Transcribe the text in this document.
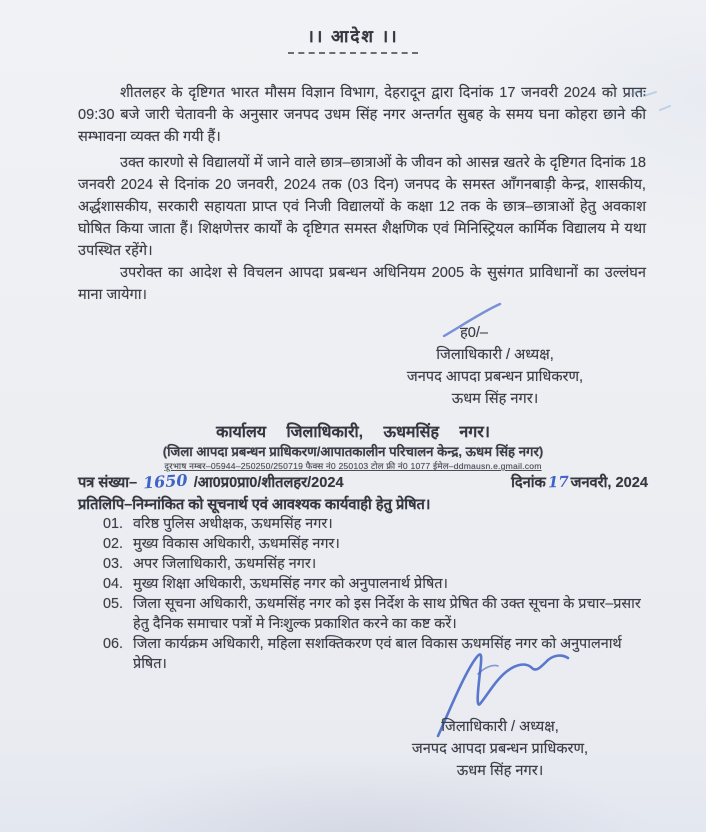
।। आदेश ।।
शीतलहर के दृष्टिगत भारत मौसम विज्ञान विभाग, देहरादून द्वारा दिनांक 17 जनवरी 2024 को प्रातः 09:30 बजे जारी चेतावनी के अनुसार जनपद उधम सिंह नगर अन्तर्गत सुबह के समय घना कोहरा छाने की सम्भावना व्यक्त की गयी हैं।
उक्त कारणो से विद्यालयों में जाने वाले छात्र–छात्राओं के जीवन को आसन्न खतरे के दृष्टिगत दिनांक 18 जनवरी 2024 से दिनांक 20 जनवरी, 2024 तक (03 दिन) जनपद के समस्त आँगनबाड़ी केन्द्र, शासकीय, अर्द्धशासकीय, सरकारी सहायता प्राप्त एवं निजी विद्यालयों के कक्षा 12 तक के छात्र–छात्राओं हेतु अवकाश घोषित किया जाता हैं। शिक्षणेत्तर कार्यों के दृष्टिगत समस्त शैक्षणिक एवं मिनिस्ट्रियल कार्मिक विद्यालय मे यथा उपस्थित रहेंगे।
उपरोक्त का आदेश से विचलन आपदा प्रबन्धन अधिनियम 2005 के सुसंगत प्राविधानों का उल्लंघन माना जायेगा।
ह0/–
जिलाधिकारी / अध्यक्ष,
जनपद आपदा प्रबन्धन प्राधिकरण,
ऊधम सिंह नगर।
कार्यालय जिलाधिकारी, ऊधमसिंह नगर।
(जिला आपदा प्रबन्धन प्राधिकरण/आपातकालीन परिचालन केन्द्र, ऊधम सिंह नगर)
दूरभाष नम्बर–05944–250250/250719 फैक्स नं0 250103 टोल फ्री नं0 1077 ईमेल–ddmausn.e.gmail.com
पत्र संख्या– 1650 /आ0प्र0प्रा0/शीतलहर/2024	दिनांक 17 जनवरी, 2024
प्रतिलिपि–निम्नांकित को सूचनार्थ एवं आवश्यक कार्यवाही हेतु प्रेषित।
01. वरिष्ठ पुलिस अधीक्षक, ऊधमसिंह नगर।
02. मुख्य विकास अधिकारी, ऊधमसिंह नगर।
03. अपर जिलाधिकारी, ऊधमसिंह नगर।
04. मुख्य शिक्षा अधिकारी, ऊधमसिंह नगर को अनुपालनार्थ प्रेषित।
05. जिला सूचना अधिकारी, ऊधमसिंह नगर को इस निर्देश के साथ प्रेषित की उक्त सूचना के प्रचार–प्रसार हेतु दैनिक समाचार पत्रों मे निःशुल्क प्रकाशित करने का कष्ट करें।
06. जिला कार्यक्रम अधिकारी, महिला सशक्तिकरण एवं बाल विकास ऊधमसिंह नगर को अनुपालनार्थ प्रेषित।
जिलाधिकारी / अध्यक्ष,
जनपद आपदा प्रबन्धन प्राधिकरण,
ऊधम सिंह नगर।
